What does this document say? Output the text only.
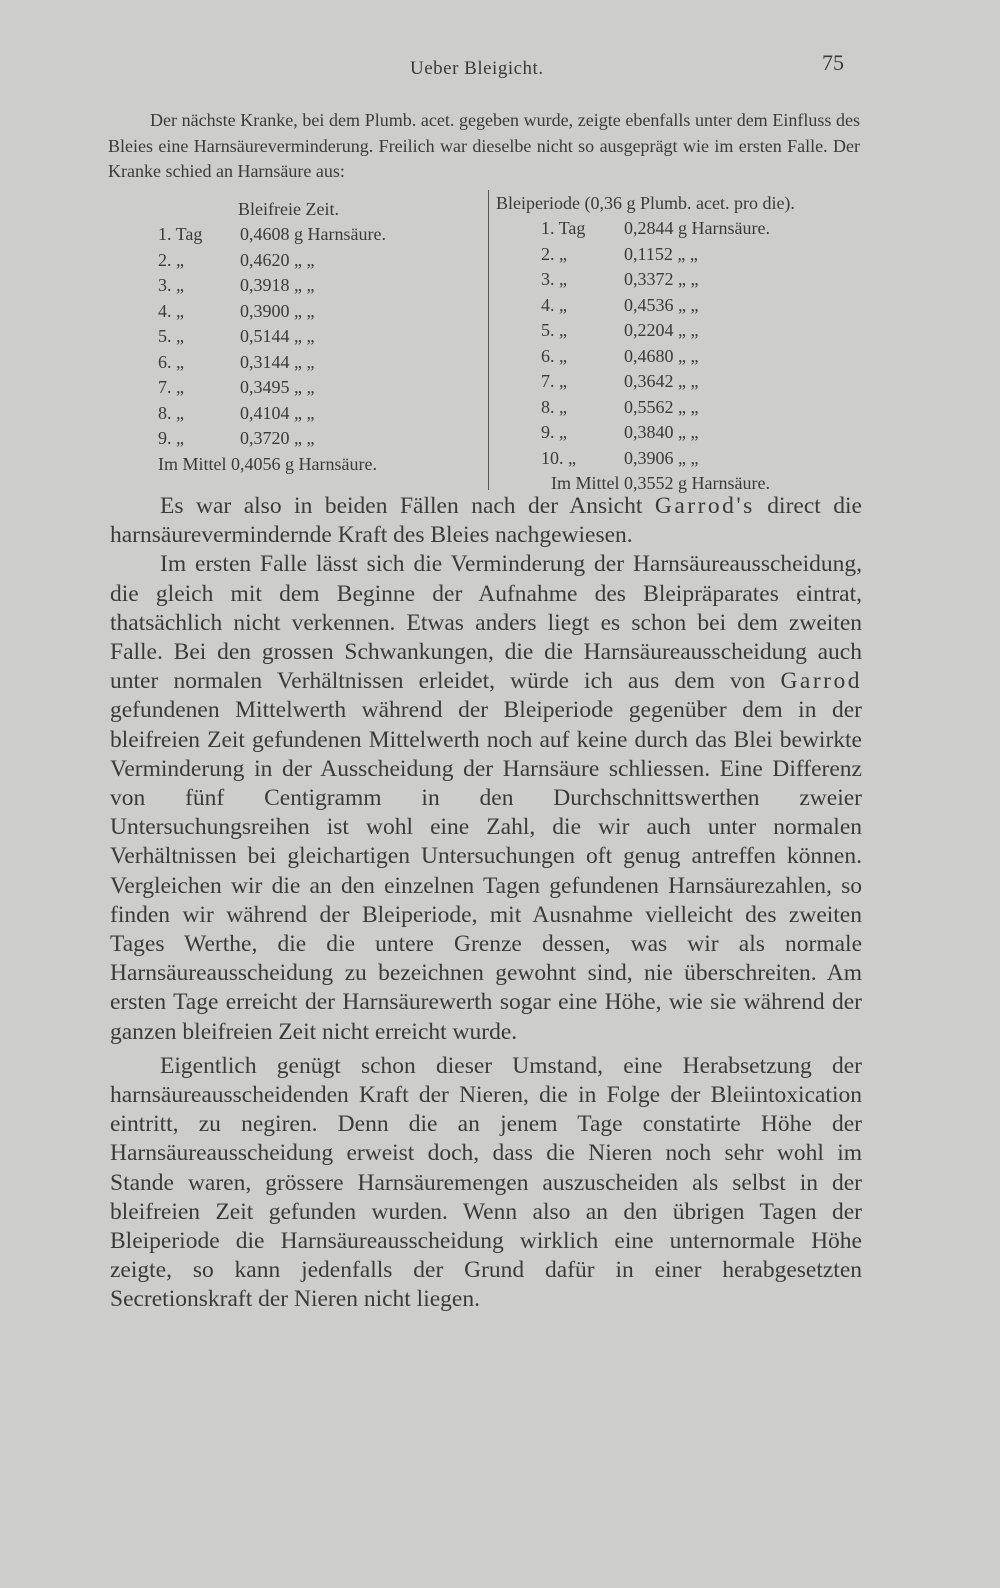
Ueber Bleigicht.	75

Der nächste Kranke, bei dem Plumb. acet. gegeben wurde, zeigte ebenfalls unter dem Einfluss des Bleies eine Harnsäureverminderung. Freilich war dieselbe nicht so ausgeprägt wie im ersten Falle. Der Kranke schied an Harnsäure aus:

Bleifreie Zeit.
1. Tag 0,4608 g Harnsäure.
2. „	0,4620 „ „
3. „	0,3918 „ „
4. „	0,3900 „ „
5. „	0,5144 „ „
6. „	0,3144 „ „
7. „	0,3495 „ „
8. „	0,4104 „ „
9. „	0,3720 „ „
Im Mittel 0,4056 g Harnsäure.
Bleiperiode (0,36 g Plumb. acet. pro die).
1. Tag 0,2844 g Harnsäure.
2. „	0,1152 „ „
3. „	0,3372 „ „
4. „	0,4536 „ „
5. „	0,2204 „ „
6. „	0,4680 „ „
7. „	0,3642 „ „
8. „	0,5562 „ „
9. „	0,3840 „ „
10. „	0,3906 „ „
Im Mittel 0,3552 g Harnsäure.

Es war also in beiden Fällen nach der Ansicht Garrod's direct die harnsäurevermindernde Kraft des Bleies nachgewiesen.

Im ersten Falle lässt sich die Verminderung der Harnsäureausscheidung, die gleich mit dem Beginne der Aufnahme des Bleipräparates eintrat, thatsächlich nicht verkennen. Etwas anders liegt es schon bei dem zweiten Falle. Bei den grossen Schwankungen, die die Harnsäureausscheidung auch unter normalen Verhältnissen erleidet, würde ich aus dem von Garrod gefundenen Mittelwerth während der Bleiperiode gegenüber dem in der bleifreien Zeit gefundenen Mittelwerth noch auf keine durch das Blei bewirkte Verminderung in der Ausscheidung der Harnsäure schliessen. Eine Differenz von fünf Centigramm in den Durchschnittswerthen zweier Untersuchungsreihen ist wohl eine Zahl, die wir auch unter normalen Verhältnissen bei gleichartigen Untersuchungen oft genug antreffen können. Vergleichen wir die an den einzelnen Tagen gefundenen Harnsäurezahlen, so finden wir während der Bleiperiode, mit Ausnahme vielleicht des zweiten Tages Werthe, die die untere Grenze dessen, was wir als normale Harnsäureausscheidung zu bezeichnen gewohnt sind, nie überschreiten. Am ersten Tage erreicht der Harnsäurewerth sogar eine Höhe, wie sie während der ganzen bleifreien Zeit nicht erreicht wurde.

Eigentlich genügt schon dieser Umstand, eine Herabsetzung der harnsäureausscheidenden Kraft der Nieren, die in Folge der Bleiintoxication eintritt, zu negiren. Denn die an jenem Tage constatirte Höhe der Harnsäureausscheidung erweist doch, dass die Nieren noch sehr wohl im Stande waren, grössere Harnsäuremengen auszuscheiden als selbst in der bleifreien Zeit gefunden wurden. Wenn also an den übrigen Tagen der Bleiperiode die Harnsäureausscheidung wirklich eine unternormale Höhe zeigte, so kann jedenfalls der Grund dafür in einer herabgesetzten Secretionskraft der Nieren nicht liegen.
